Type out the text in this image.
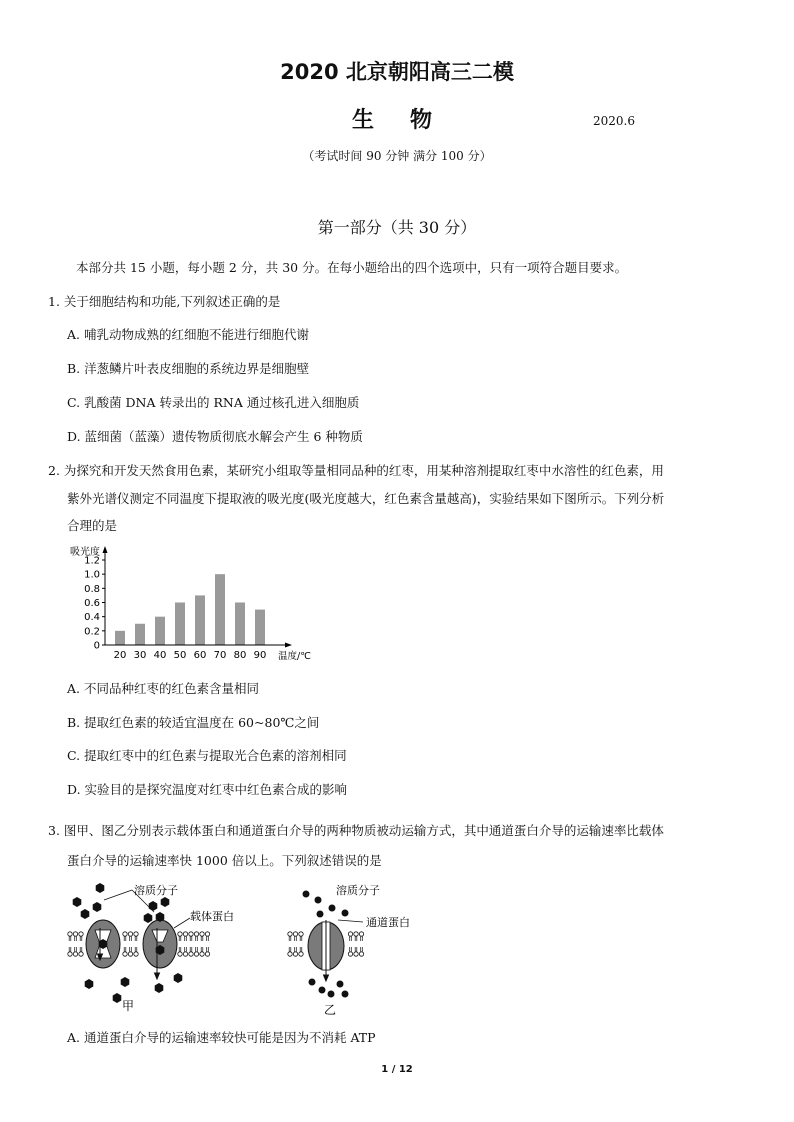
2020 北京朝阳高三二模
生物	2020.6
（考试时间 90 分钟 满分 100 分）
第一部分（共 30 分）
本部分共 15 小题，每小题 2 分，共 30 分。在每小题给出的四个选项中，只有一项符合题目要求。
1. 关于细胞结构和功能,下列叙述正确的是
A. 哺乳动物成熟的红细胞不能进行细胞代谢
B. 洋葱鳞片叶表皮细胞的系统边界是细胞壁
C. 乳酸菌 DNA 转录出的 RNA 通过核孔进入细胞质
D. 蓝细菌（蓝藻）遗传物质彻底水解会产生 6 种物质
2. 为探究和开发天然食用色素，某研究小组取等量相同品种的红枣，用某种溶剂提取红枣中水溶性的红色素，用
紫外光谱仪测定不同温度下提取液的吸光度(吸光度越大，红色素含量越高)，实验结果如下图所示。下列分析
合理的是
吸光度
0
0.2
0.4
0.6
0.8
1.0
1.2
20 30 40 50 60 70 80 90 温度/℃
A. 不同品种红枣的红色素含量相同
B. 提取红色素的较适宜温度在 60~80℃之间
C. 提取红枣中的红色素与提取光合色素的溶剂相同
D. 实验目的是探究温度对红枣中红色素合成的影响
3. 图甲、图乙分别表示载体蛋白和通道蛋白介导的两种物质被动运输方式，其中通道蛋白介导的运输速率比载体
蛋白介导的运输速率快 1000 倍以上。下列叙述错误的是
溶质分子
载体蛋白
甲
溶质分子
通道蛋白
乙
A. 通道蛋白介导的运输速率较快可能是因为不消耗 ATP
1 / 12
